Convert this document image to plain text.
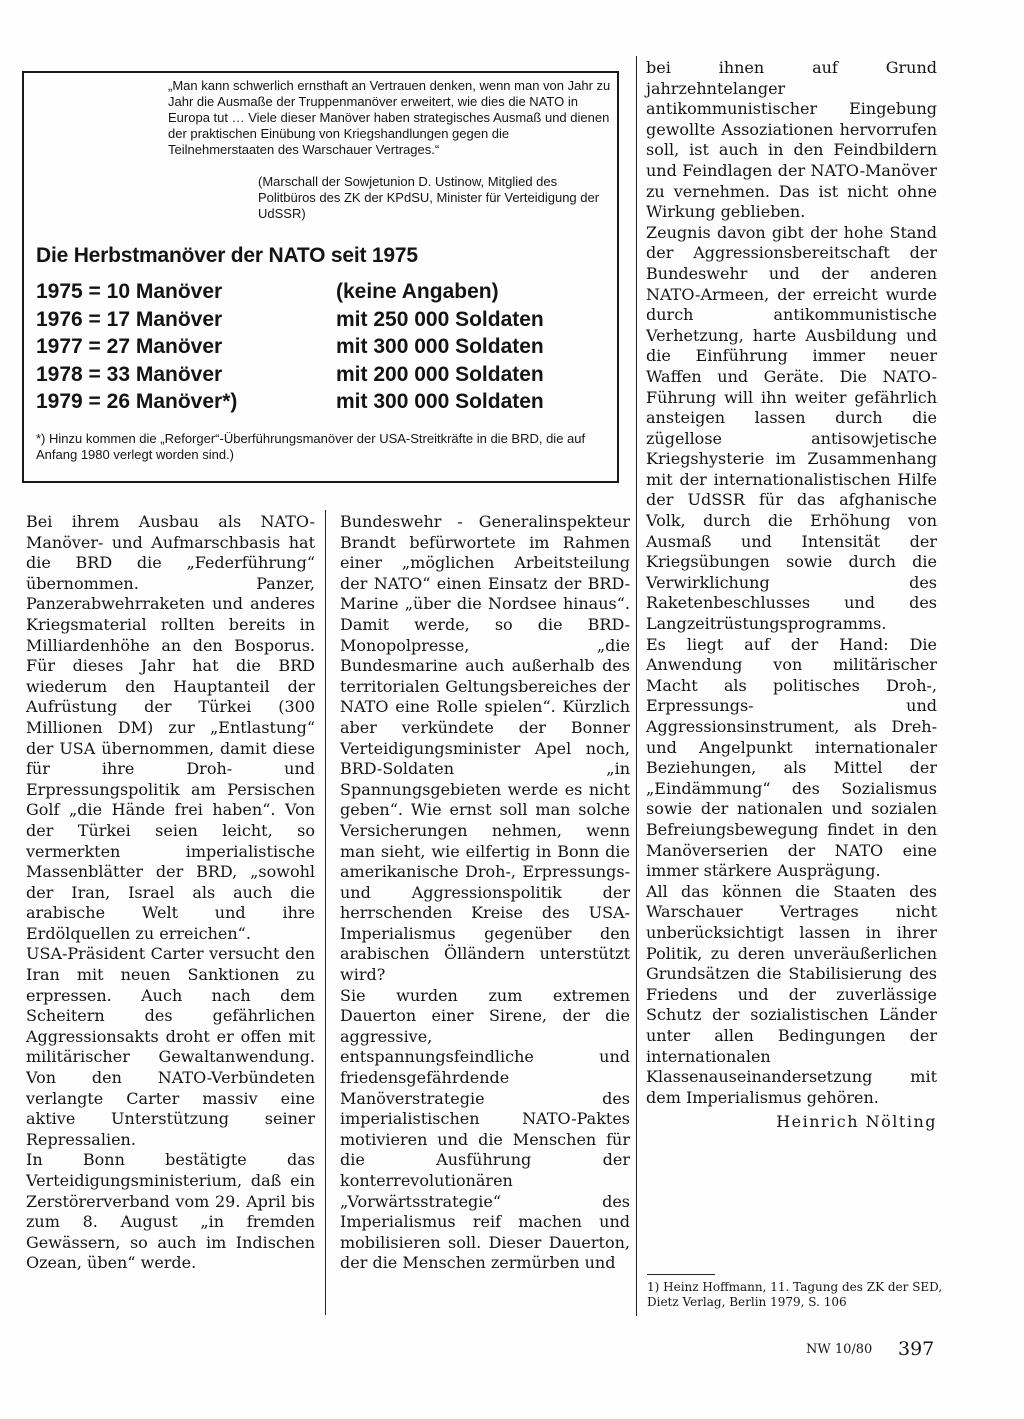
„Man kann schwerlich ernsthaft an Vertrauen denken, wenn man von Jahr zu Jahr die Ausmaße der Truppenmanöver erweitert, wie dies die NATO in Europa tut … Viele dieser Manöver haben strategisches Ausmaß und dienen der praktischen Einübung von Kriegshandlungen gegen die Teilnehmerstaaten des Warschauer Vertrages.“

(Marschall der Sowjetunion D. Ustinow, Mitglied des Politbüros des ZK der KPdSU, Minister für Verteidigung der UdSSR)

Die Herbstmanöver der NATO seit 1975
1975 = 10 Manöver	(keine Angaben)
1976 = 17 Manöver	mit 250 000 Soldaten
1977 = 27 Manöver	mit 300 000 Soldaten
1978 = 33 Manöver	mit 200 000 Soldaten
1979 = 26 Manöver*)	mit 300 000 Soldaten

*) Hinzu kommen die „Reforger“-Überführungsmanöver der USA-Streitkräfte in die BRD, die auf Anfang 1980 verlegt worden sind.)

Bei ihrem Ausbau als NATO-Manöver- und Aufmarschbasis hat die BRD die „Federführung“ übernommen. Panzer, Panzerabwehrraketen und anderes Kriegsmaterial rollten bereits in Milliardenhöhe an den Bosporus. Für dieses Jahr hat die BRD wiederum den Hauptanteil der Aufrüstung der Türkei (300 Millionen DM) zur „Entlastung“ der USA übernommen, damit diese für ihre Droh- und Erpressungspolitik am Persischen Golf „die Hände frei haben“. Von der Türkei seien leicht, so vermerkten imperialistische Massenblätter der BRD, „sowohl der Iran, Israel als auch die arabische Welt und ihre Erdölquellen zu erreichen“.

USA-Präsident Carter versucht den Iran mit neuen Sanktionen zu erpressen. Auch nach dem Scheitern des gefährlichen Aggressionsakts droht er offen mit militärischer Gewaltanwendung. Von den NATO-Verbündeten verlangte Carter massiv eine aktive Unterstützung seiner Repressalien.

In Bonn bestätigte das Verteidigungsministerium, daß ein Zerstörerverband vom 29. April bis zum 8. August „in fremden Gewässern, so auch im Indischen Ozean, üben“ werde.

Bundeswehr - Generalinspekteur Brandt befürwortete im Rahmen einer „möglichen Arbeitsteilung der NATO“ einen Einsatz der BRD-Marine „über die Nordsee hinaus“. Damit werde, so die BRD-Monopolpresse, „die Bundesmarine auch außerhalb des territorialen Geltungsbereiches der NATO eine Rolle spielen“. Kürzlich aber verkündete der Bonner Verteidigungsminister Apel noch, BRD-Soldaten „in Spannungsgebieten werde es nicht geben“. Wie ernst soll man solche Versicherungen nehmen, wenn man sieht, wie eilfertig in Bonn die amerikanische Droh-, Erpressungs- und Aggressionspolitik der herrschenden Kreise des USA-Imperialismus gegenüber den arabischen Ölländern unterstützt wird?

Sie wurden zum extremen Dauerton einer Sirene, der die aggressive, entspannungsfeindliche und friedensgefährdende Manöverstrategie des imperialistischen NATO-Paktes motivieren und die Menschen für die Ausführung der konterrevolutionären „Vorwärtsstrategie“ des Imperialismus reif machen und mobilisieren soll. Dieser Dauerton, der die Menschen zermürben und

bei ihnen auf Grund jahrzehntelanger antikommunistischer Eingebung gewollte Assoziationen hervorrufen soll, ist auch in den Feindbildern und Feindlagen der NATO-Manöver zu vernehmen. Das ist nicht ohne Wirkung geblieben.

Zeugnis davon gibt der hohe Stand der Aggressionsbereitschaft der Bundeswehr und der anderen NATO-Armeen, der erreicht wurde durch antikommunistische Verhetzung, harte Ausbildung und die Einführung immer neuer Waffen und Geräte. Die NATO-Führung will ihn weiter gefährlich ansteigen lassen durch die zügellose antisowjetische Kriegshysterie im Zusammenhang mit der internationalistischen Hilfe der UdSSR für das afghanische Volk, durch die Erhöhung von Ausmaß und Intensität der Kriegsübungen sowie durch die Verwirklichung des Raketenbeschlusses und des Langzeitrüstungsprogramms.

Es liegt auf der Hand: Die Anwendung von militärischer Macht als politisches Droh-, Erpressungs- und Aggressionsinstrument, als Dreh- und Angelpunkt internationaler Beziehungen, als Mittel der „Eindämmung“ des Sozialismus sowie der nationalen und sozialen Befreiungsbewegung findet in den Manöverserien der NATO eine immer stärkere Ausprägung.

All das können die Staaten des Warschauer Vertrages nicht unberücksichtigt lassen in ihrer Politik, zu deren unveräußerlichen Grundsätzen die Stabilisierung des Friedens und der zuverlässige Schutz der sozialistischen Länder unter allen Bedingungen der internationalen Klassenauseinandersetzung mit dem Imperialismus gehören.

Heinrich Nölting

1) Heinz Hoffmann, 11. Tagung des ZK der SED, Dietz Verlag, Berlin 1979, S. 106

NW 10/80 397
